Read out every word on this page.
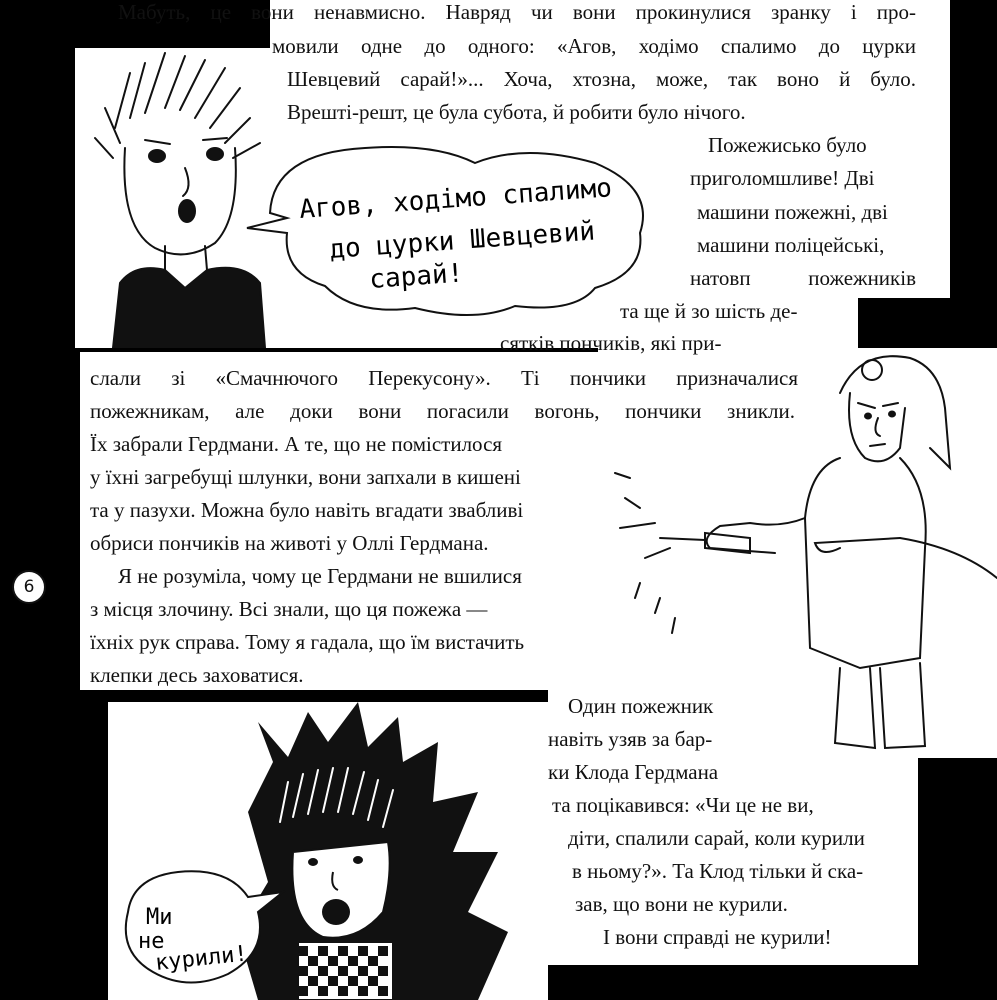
Агов, ходімо спалимо
до цурки Шевцевий
сарай!
Ми
не
курили!
Мабуть, це вони ненавмисно. Навряд чи вони прокинулися зранку і про-
мовили одне до одного: «Агов, ходімо спалимо до цурки
Шевцевий сарай!»... Хоча, хтозна, може, так воно й було.
Врешті-решт, це була субота, й робити було нічого.
Пожежисько було
приголомшливе! Дві
машини пожежні, дві
машини поліцейські,
натовп пожежників
та ще й зо шість де-
сятків пончиків, які при-
слали зі «Смачнючого Перекусону». Ті пончики призначалися
пожежникам, але доки вони погасили вогонь, пончики зникли.
Їх забрали Гердмани. А те, що не помістилося
у їхні загребущі шлунки, вони запхали в кишені
та у пазухи. Можна було навіть вгадати звабливі
обриси пончиків на животі у Оллі Гердмана.
Я не розуміла, чому це Гердмани не вшилися
з місця злочину. Всі знали, що ця пожежа —
їхніх рук справа. Тому я гадала, що їм вистачить
клепки десь заховатися.
Один пожежник
навіть узяв за бар-
ки Клода Гердмана
та поцікавився: «Чи це не ви,
діти, спалили сарай, коли курили
в ньому?». Та Клод тільки й ска-
зав, що вони не курили.
І вони справді не курили!
6
